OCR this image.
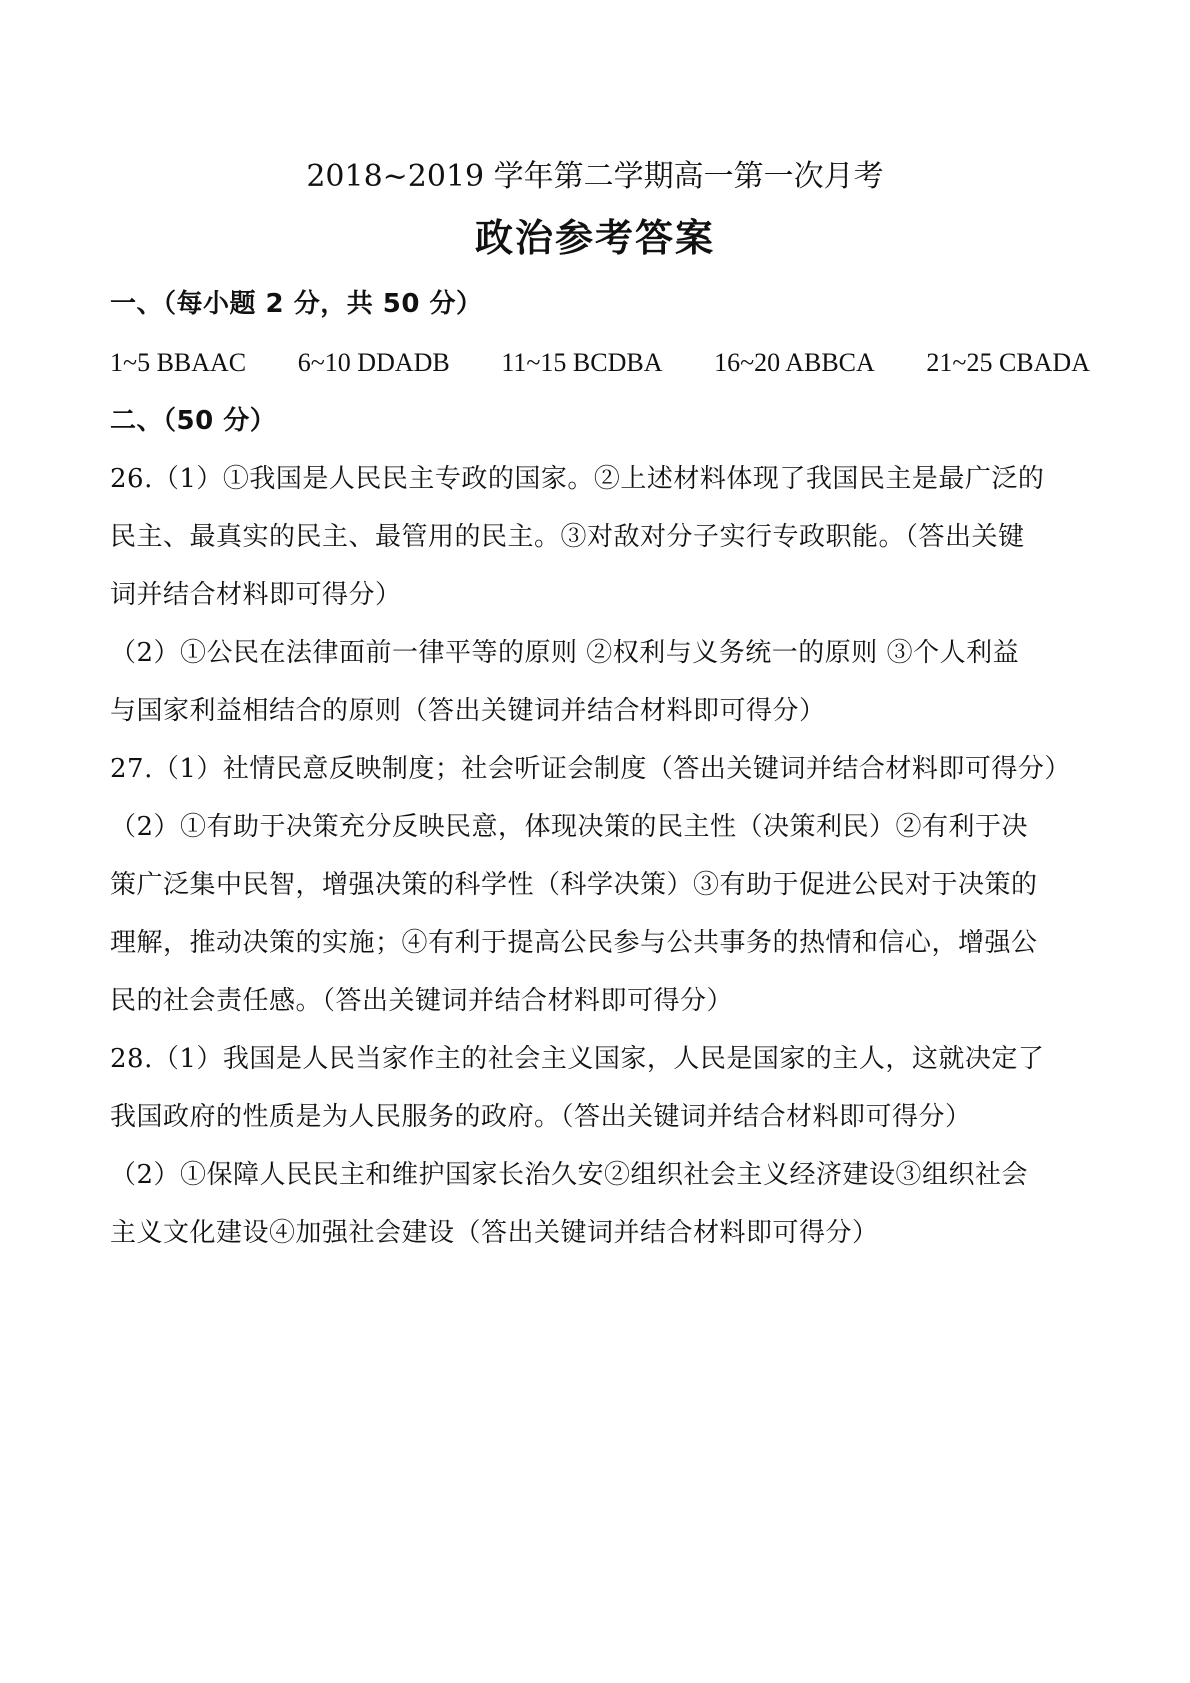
2018~2019 学年第二学期高一第一次月考
政治参考答案
一、（每小题 2 分，共 50 分）
1~5 BBAAC 6~10 DDADB 11~15 BCDBA 16~20 ABBCA 21~25 CBADA
二、（50 分）
26.（1）①我国是人民民主专政的国家。②上述材料体现了我国民主是最广泛的
民主、最真实的民主、最管用的民主。③对敌对分子实行专政职能。（答出关键
词并结合材料即可得分）
（2）①公民在法律面前一律平等的原则 ②权利与义务统一的原则 ③个人利益
与国家利益相结合的原则（答出关键词并结合材料即可得分）
27.（1）社情民意反映制度；社会听证会制度（答出关键词并结合材料即可得分）
（2）①有助于决策充分反映民意，体现决策的民主性（决策利民）②有利于决
策广泛集中民智，增强决策的科学性（科学决策）③有助于促进公民对于决策的
理解，推动决策的实施；④有利于提高公民参与公共事务的热情和信心，增强公
民的社会责任感。（答出关键词并结合材料即可得分）
28.（1）我国是人民当家作主的社会主义国家，人民是国家的主人，这就决定了
我国政府的性质是为人民服务的政府。（答出关键词并结合材料即可得分）
（2）①保障人民民主和维护国家长治久安②组织社会主义经济建设③组织社会
主义文化建设④加强社会建设（答出关键词并结合材料即可得分）
